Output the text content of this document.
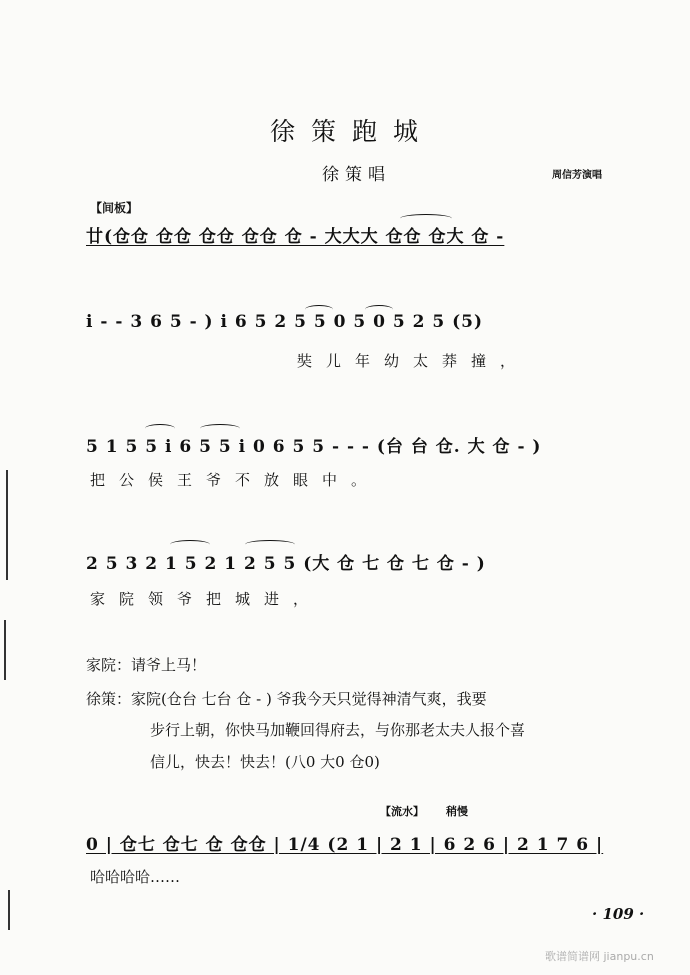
徐策跑城
徐策唱	周信芳演唱
【间板】
廿(仓仓 仓仓 仓仓 仓仓 仓 - 大大大 仓仓 仓大 仓 -
i - - 3 6 5 - ) i 6 5 2 5 5 0 5 0 5 2 5 (5)
奘儿年幼太莽撞，
5 1 5 5 i 6 5 5 i 0 6 5 5 - - - (台 台 仓. 大 仓 - )
把公侯王爷不放眼中。
2 5 3 2 1 5 2 1 2 5 5 (大 仓 七 仓 七 仓 - )
家院领爷把城进，
家院：请爷上马！
徐策：家院(仓台 七台 仓 - ) 爷我今天只觉得神清气爽，我要
步行上朝，你快马加鞭回得府去，与你那老太夫人报个喜
信儿，快去！快去！(八0 大0 仓0)
【流水】 稍慢
0 | 仓七 仓七 仓 仓仓 | 1/4 (2 1 | 2 1 | 6 2 6 | 2 1 7 6 |
哈哈哈哈……
· 109 ·
歌谱简谱网 jianpu.cn
